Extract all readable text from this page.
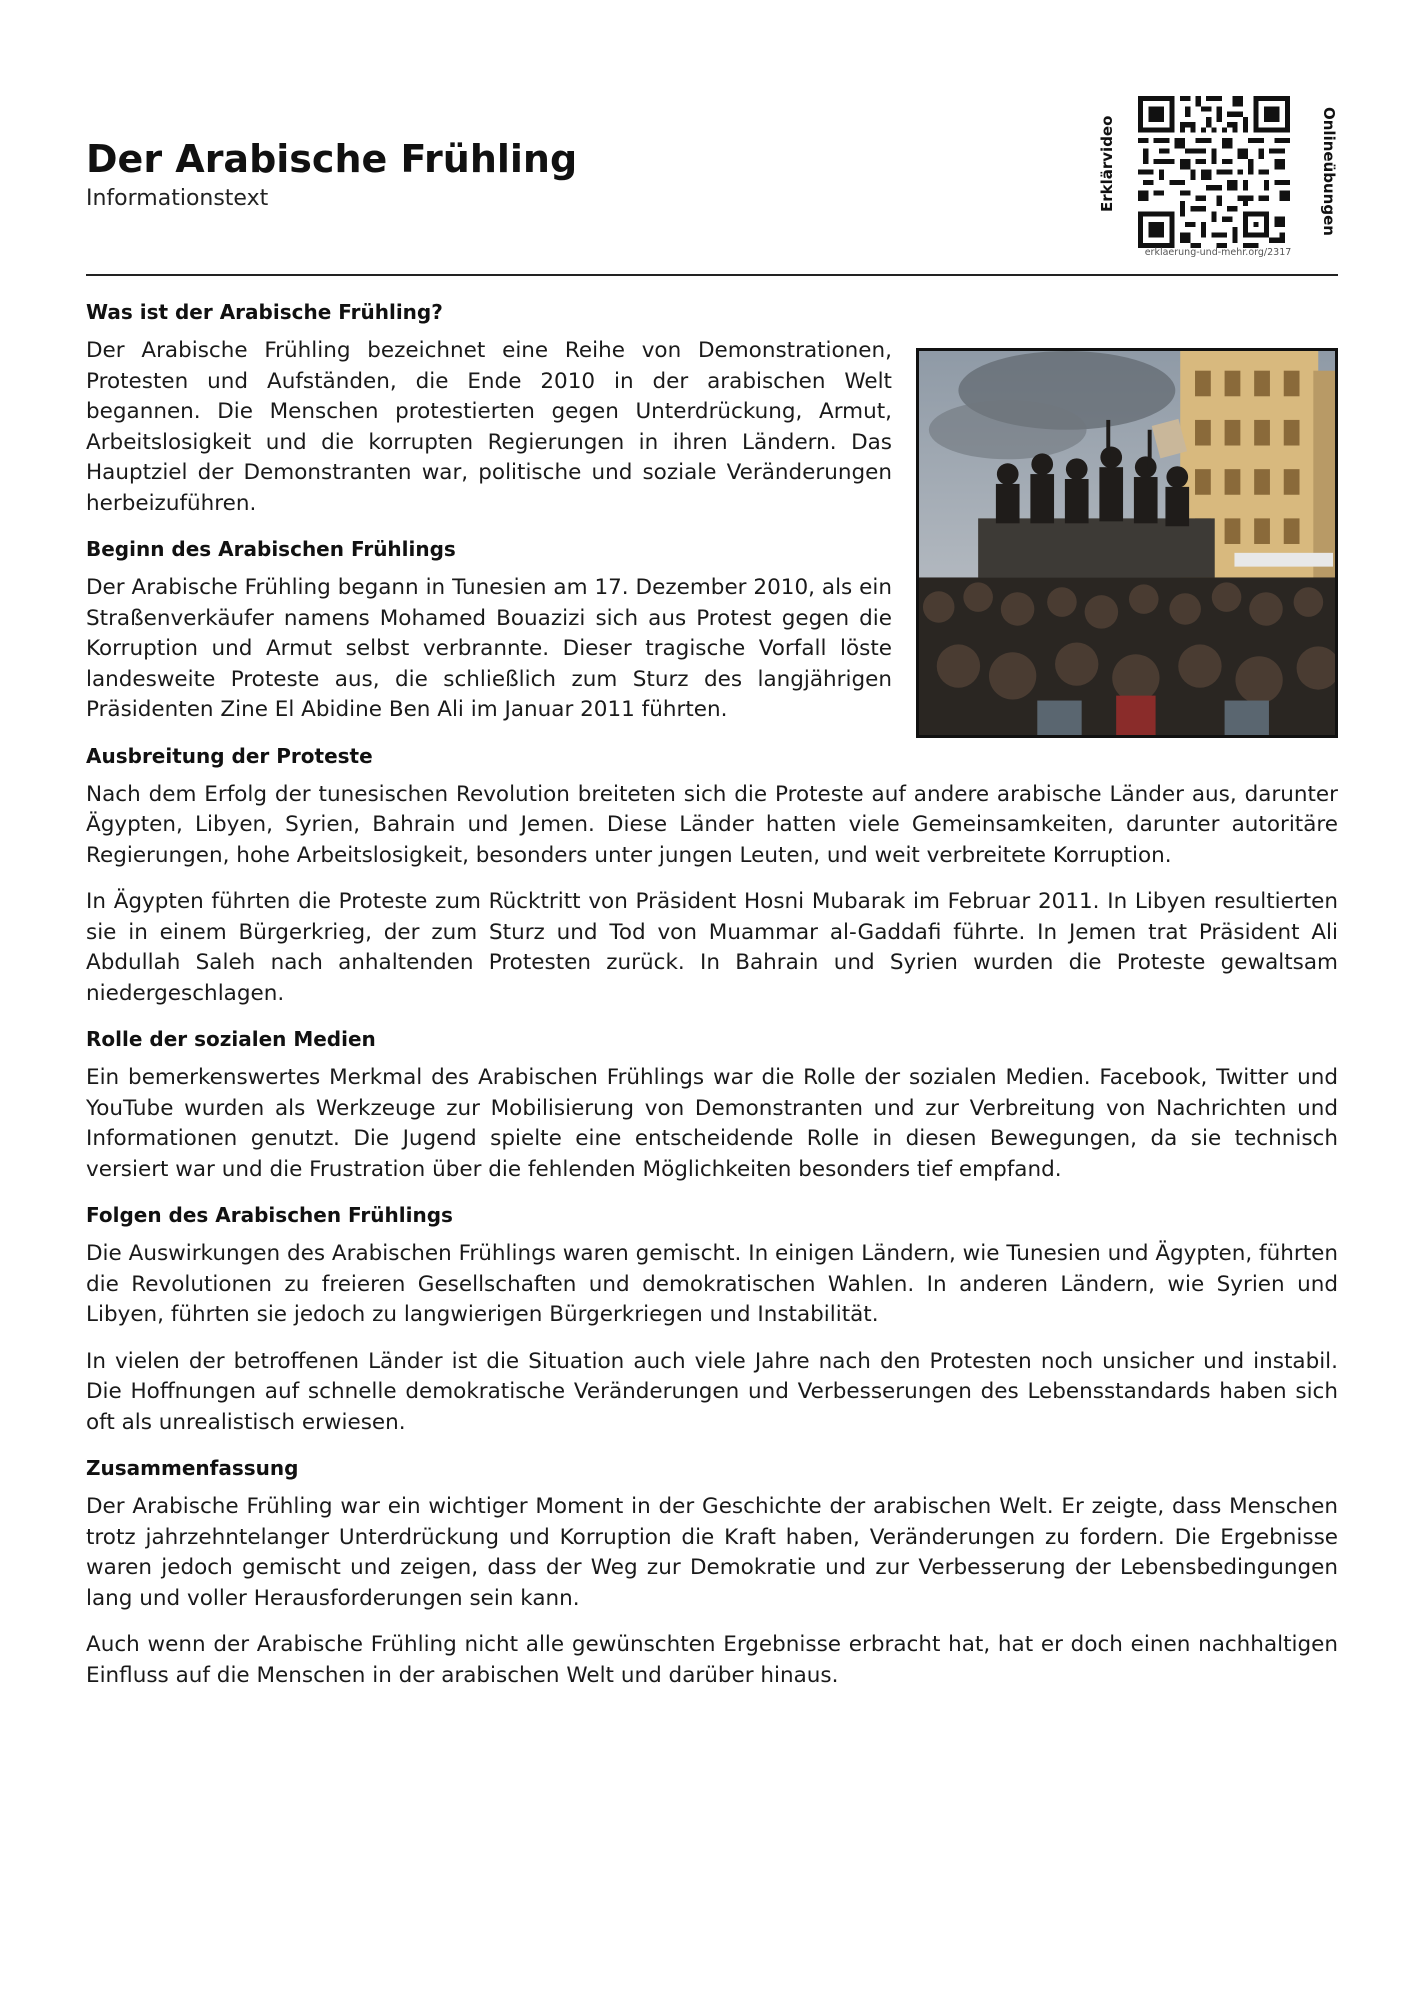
Der Arabische Frühling
Informationstext	Erklärvideo	Onlineübungen
erklaerung-und-mehr.org/2317
Was ist der Arabische Frühling?

Der Arabische Frühling bezeichnet eine Reihe von Demonstrationen, Protesten und Aufständen, die Ende 2010 in der arabischen Welt begannen. Die Menschen protestierten gegen Unterdrückung, Armut, Arbeitslosigkeit und die korrupten Regierungen in ihren Ländern. Das Hauptziel der Demonstranten war, politische und soziale Veränderungen herbeizuführen.

Beginn des Arabischen Frühlings

Der Arabische Frühling begann in Tunesien am 17. Dezember 2010, als ein Straßenverkäufer namens Mohamed Bouazizi sich aus Protest gegen die Korruption und Armut selbst verbrannte. Dieser tragische Vorfall löste landesweite Proteste aus, die schließlich zum Sturz des langjährigen Präsidenten Zine El Abidine Ben Ali im Januar 2011 führten.

Ausbreitung der Proteste

Nach dem Erfolg der tunesischen Revolution breiteten sich die Proteste auf andere arabische Länder aus, darunter Ägypten, Libyen, Syrien, Bahrain und Jemen. Diese Länder hatten viele Gemeinsamkeiten, darunter autoritäre Regierungen, hohe Arbeitslosigkeit, besonders unter jungen Leuten, und weit verbreitete Korruption.

In Ägypten führten die Proteste zum Rücktritt von Präsident Hosni Mubarak im Februar 2011. In Libyen resultierten sie in einem Bürgerkrieg, der zum Sturz und Tod von Muammar al-Gaddafi führte. In Jemen trat Präsident Ali Abdullah Saleh nach anhaltenden Protesten zurück. In Bahrain und Syrien wurden die Proteste gewaltsam niedergeschlagen.

Rolle der sozialen Medien

Ein bemerkenswertes Merkmal des Arabischen Frühlings war die Rolle der sozialen Medien. Facebook, Twitter und YouTube wurden als Werkzeuge zur Mobilisierung von Demonstranten und zur Verbreitung von Nachrichten und Informationen genutzt. Die Jugend spielte eine entscheidende Rolle in diesen Bewegungen, da sie technisch versiert war und die Frustration über die fehlenden Möglichkeiten besonders tief empfand.

Folgen des Arabischen Frühlings

Die Auswirkungen des Arabischen Frühlings waren gemischt. In einigen Ländern, wie Tunesien und Ägypten, führten die Revolutionen zu freieren Gesellschaften und demokratischen Wahlen. In anderen Ländern, wie Syrien und Libyen, führten sie jedoch zu langwierigen Bürgerkriegen und Instabilität.

In vielen der betroffenen Länder ist die Situation auch viele Jahre nach den Protesten noch unsicher und instabil. Die Hoffnungen auf schnelle demokratische Veränderungen und Verbesserungen des Lebensstandards haben sich oft als unrealistisch erwiesen.

Zusammenfassung

Der Arabische Frühling war ein wichtiger Moment in der Geschichte der arabischen Welt. Er zeigte, dass Menschen trotz jahrzehntelanger Unterdrückung und Korruption die Kraft haben, Veränderungen zu fordern. Die Ergebnisse waren jedoch gemischt und zeigen, dass der Weg zur Demokratie und zur Verbesserung der Lebensbedingungen lang und voller Herausforderungen sein kann.

Auch wenn der Arabische Frühling nicht alle gewünschten Ergebnisse erbracht hat, hat er doch einen nachhaltigen Einfluss auf die Menschen in der arabischen Welt und darüber hinaus.
